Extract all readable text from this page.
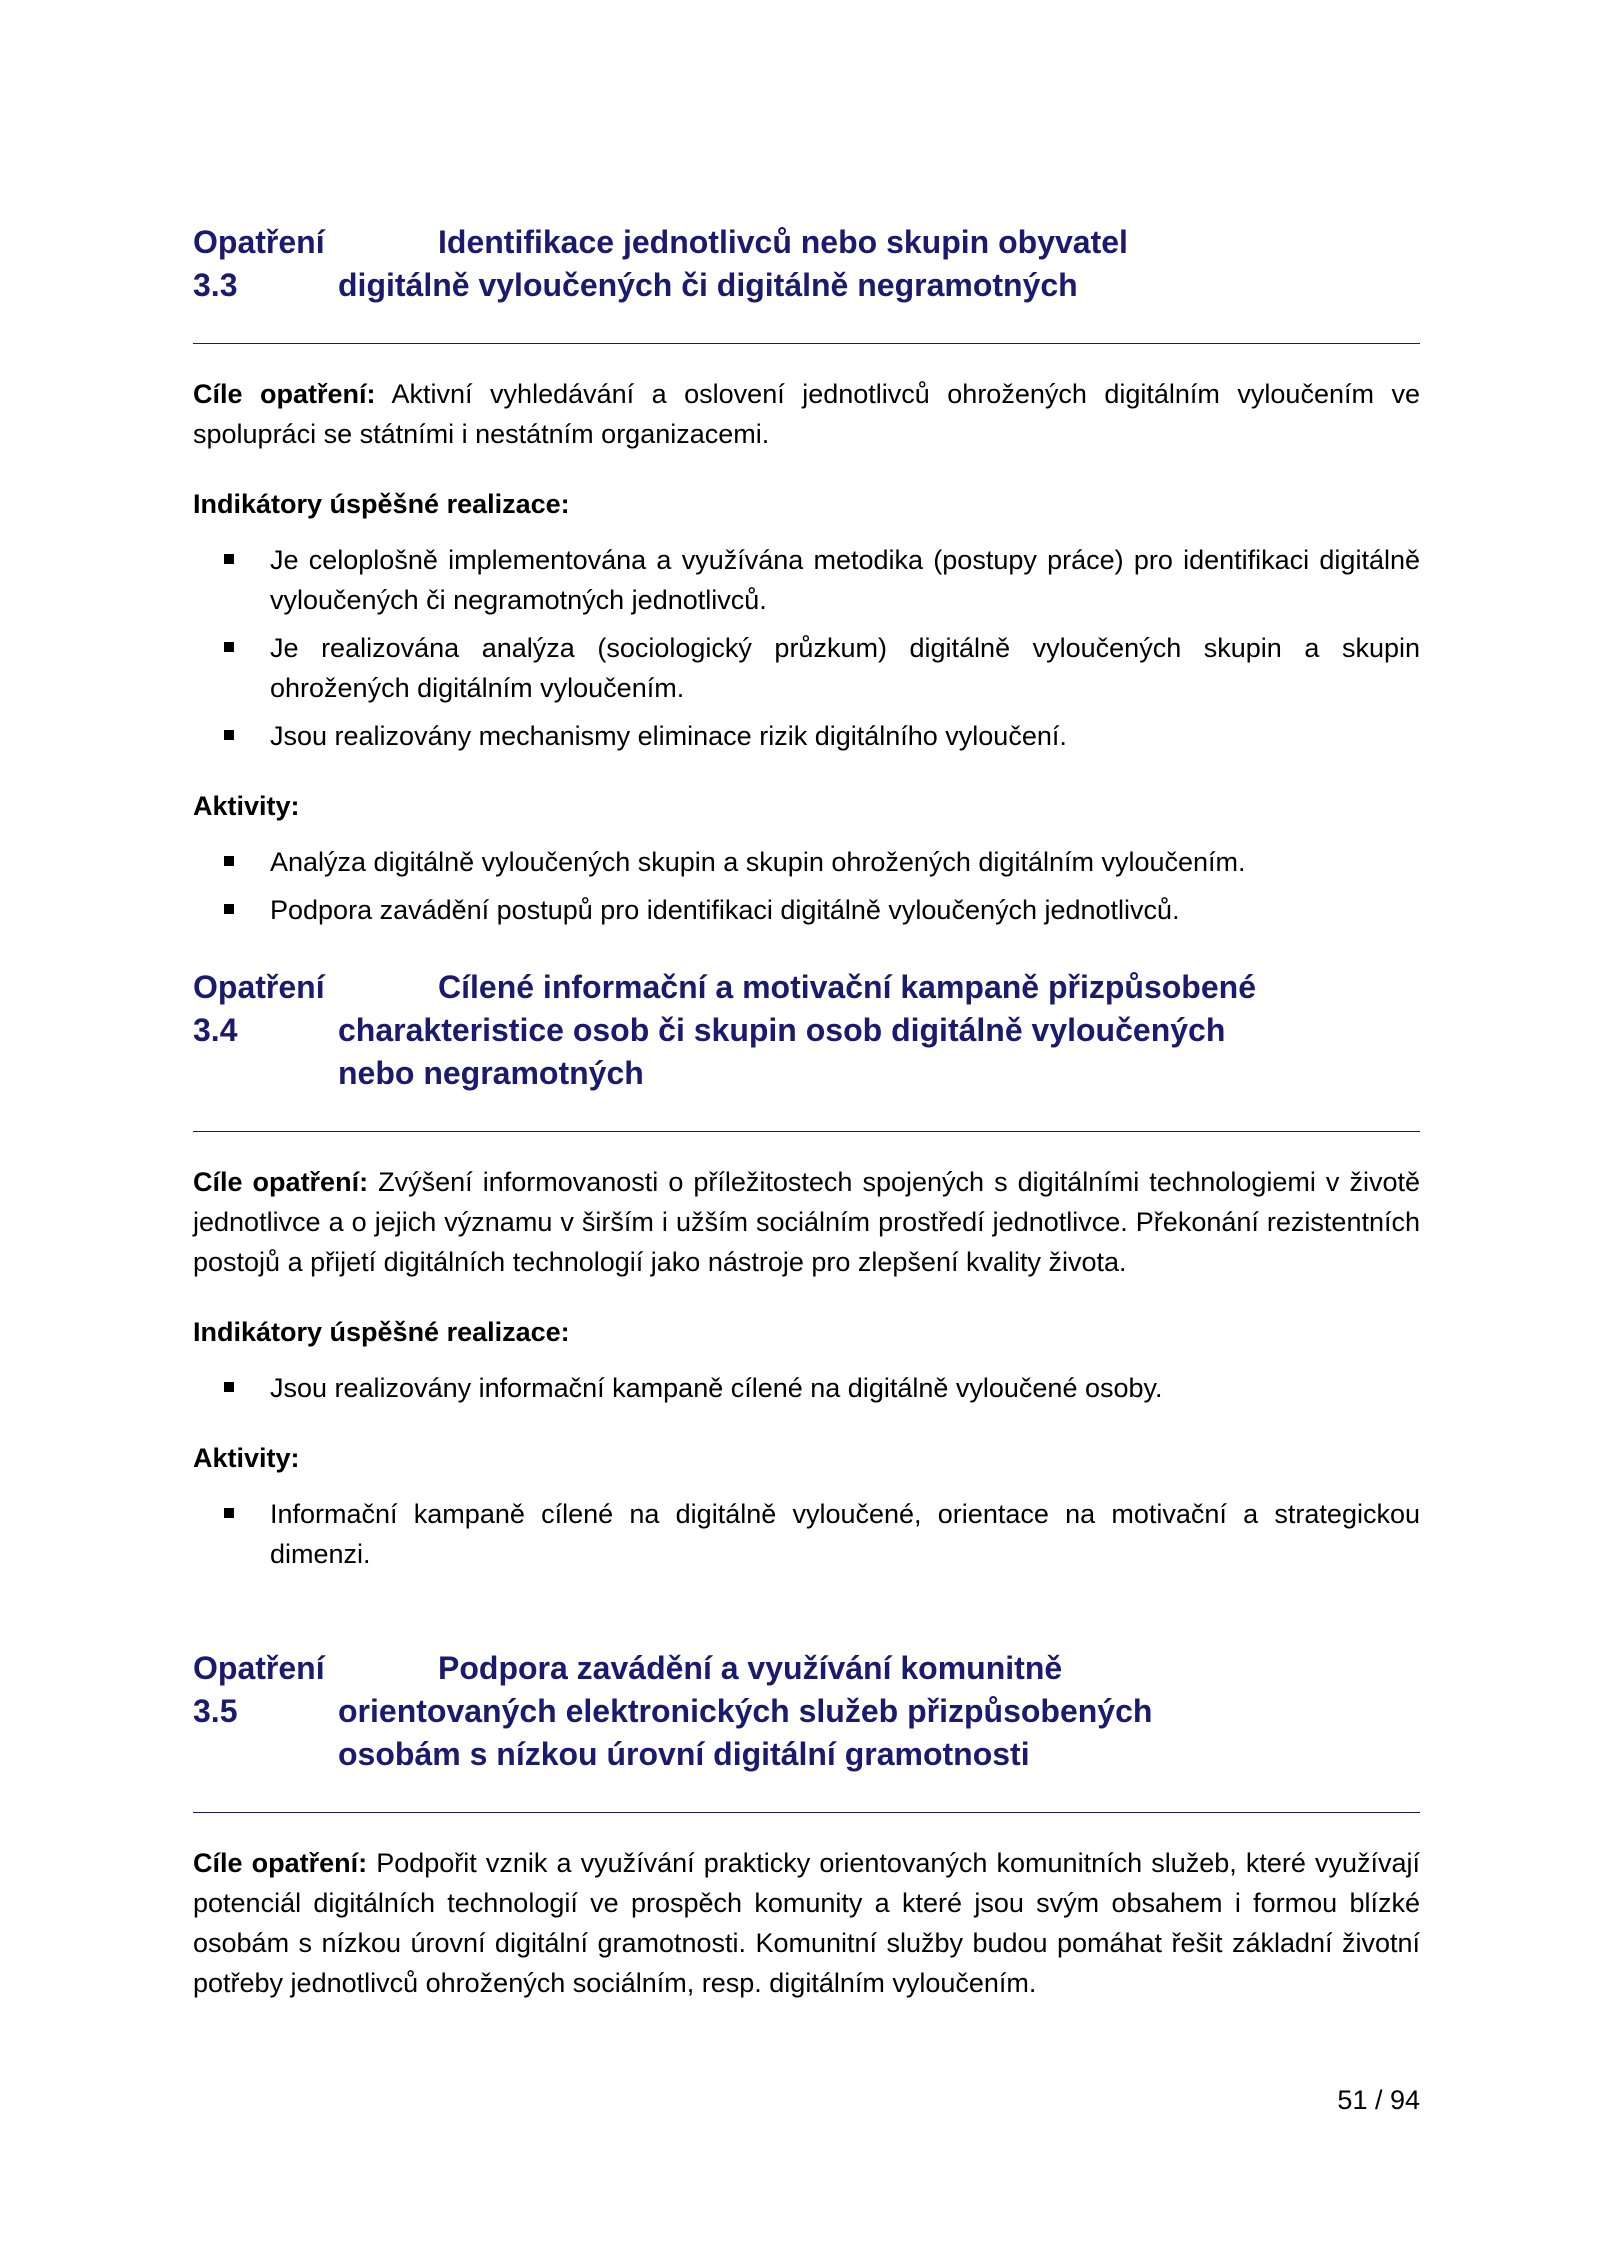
Opatření 3.3
Identifikace jednotlivců nebo skupin obyvatel digitálně vyloučených či digitálně negramotných

Cíle opatření: Aktivní vyhledávání a oslovení jednotlivců ohrožených digitálním vyloučením ve spolupráci se státními i nestátním organizacemi.

Indikátory úspěšné realizace:

Je celoplošně implementována a využívána metodika (postupy práce) pro identifikaci digitálně vyloučených či negramotných jednotlivců.
Je realizována analýza (sociologický průzkum) digitálně vyloučených skupin a skupin ohrožených digitálním vyloučením.
Jsou realizovány mechanismy eliminace rizik digitálního vyloučení.

Aktivity:

Analýza digitálně vyloučených skupin a skupin ohrožených digitálním vyloučením.
Podpora zavádění postupů pro identifikaci digitálně vyloučených jednotlivců.
Opatření 3.4
Cílené informační a motivační kampaně přizpůsobené charakteristice osob či skupin osob digitálně vyloučených nebo negramotných

Cíle opatření: Zvýšení informovanosti o příležitostech spojených s digitálními technologiemi v životě jednotlivce a o jejich významu v širším i užším sociálním prostředí jednotlivce. Překonání rezistentních postojů a přijetí digitálních technologií jako nástroje pro zlepšení kvality života.

Indikátory úspěšné realizace:

Jsou realizovány informační kampaně cílené na digitálně vyloučené osoby.

Aktivity:

Informační kampaně cílené na digitálně vyloučené, orientace na motivační a strategickou dimenzi.
Opatření 3.5
Podpora zavádění a využívání komunitně orientovaných elektronických služeb přizpůsobených osobám s nízkou úrovní digitální gramotnosti

Cíle opatření: Podpořit vznik a využívání prakticky orientovaných komunitních služeb, které využívají potenciál digitálních technologií ve prospěch komunity a které jsou svým obsahem i formou blízké osobám s nízkou úrovní digitální gramotnosti. Komunitní služby budou pomáhat řešit základní životní potřeby jednotlivců ohrožených sociálním, resp. digitálním vyloučením.

51 / 94
